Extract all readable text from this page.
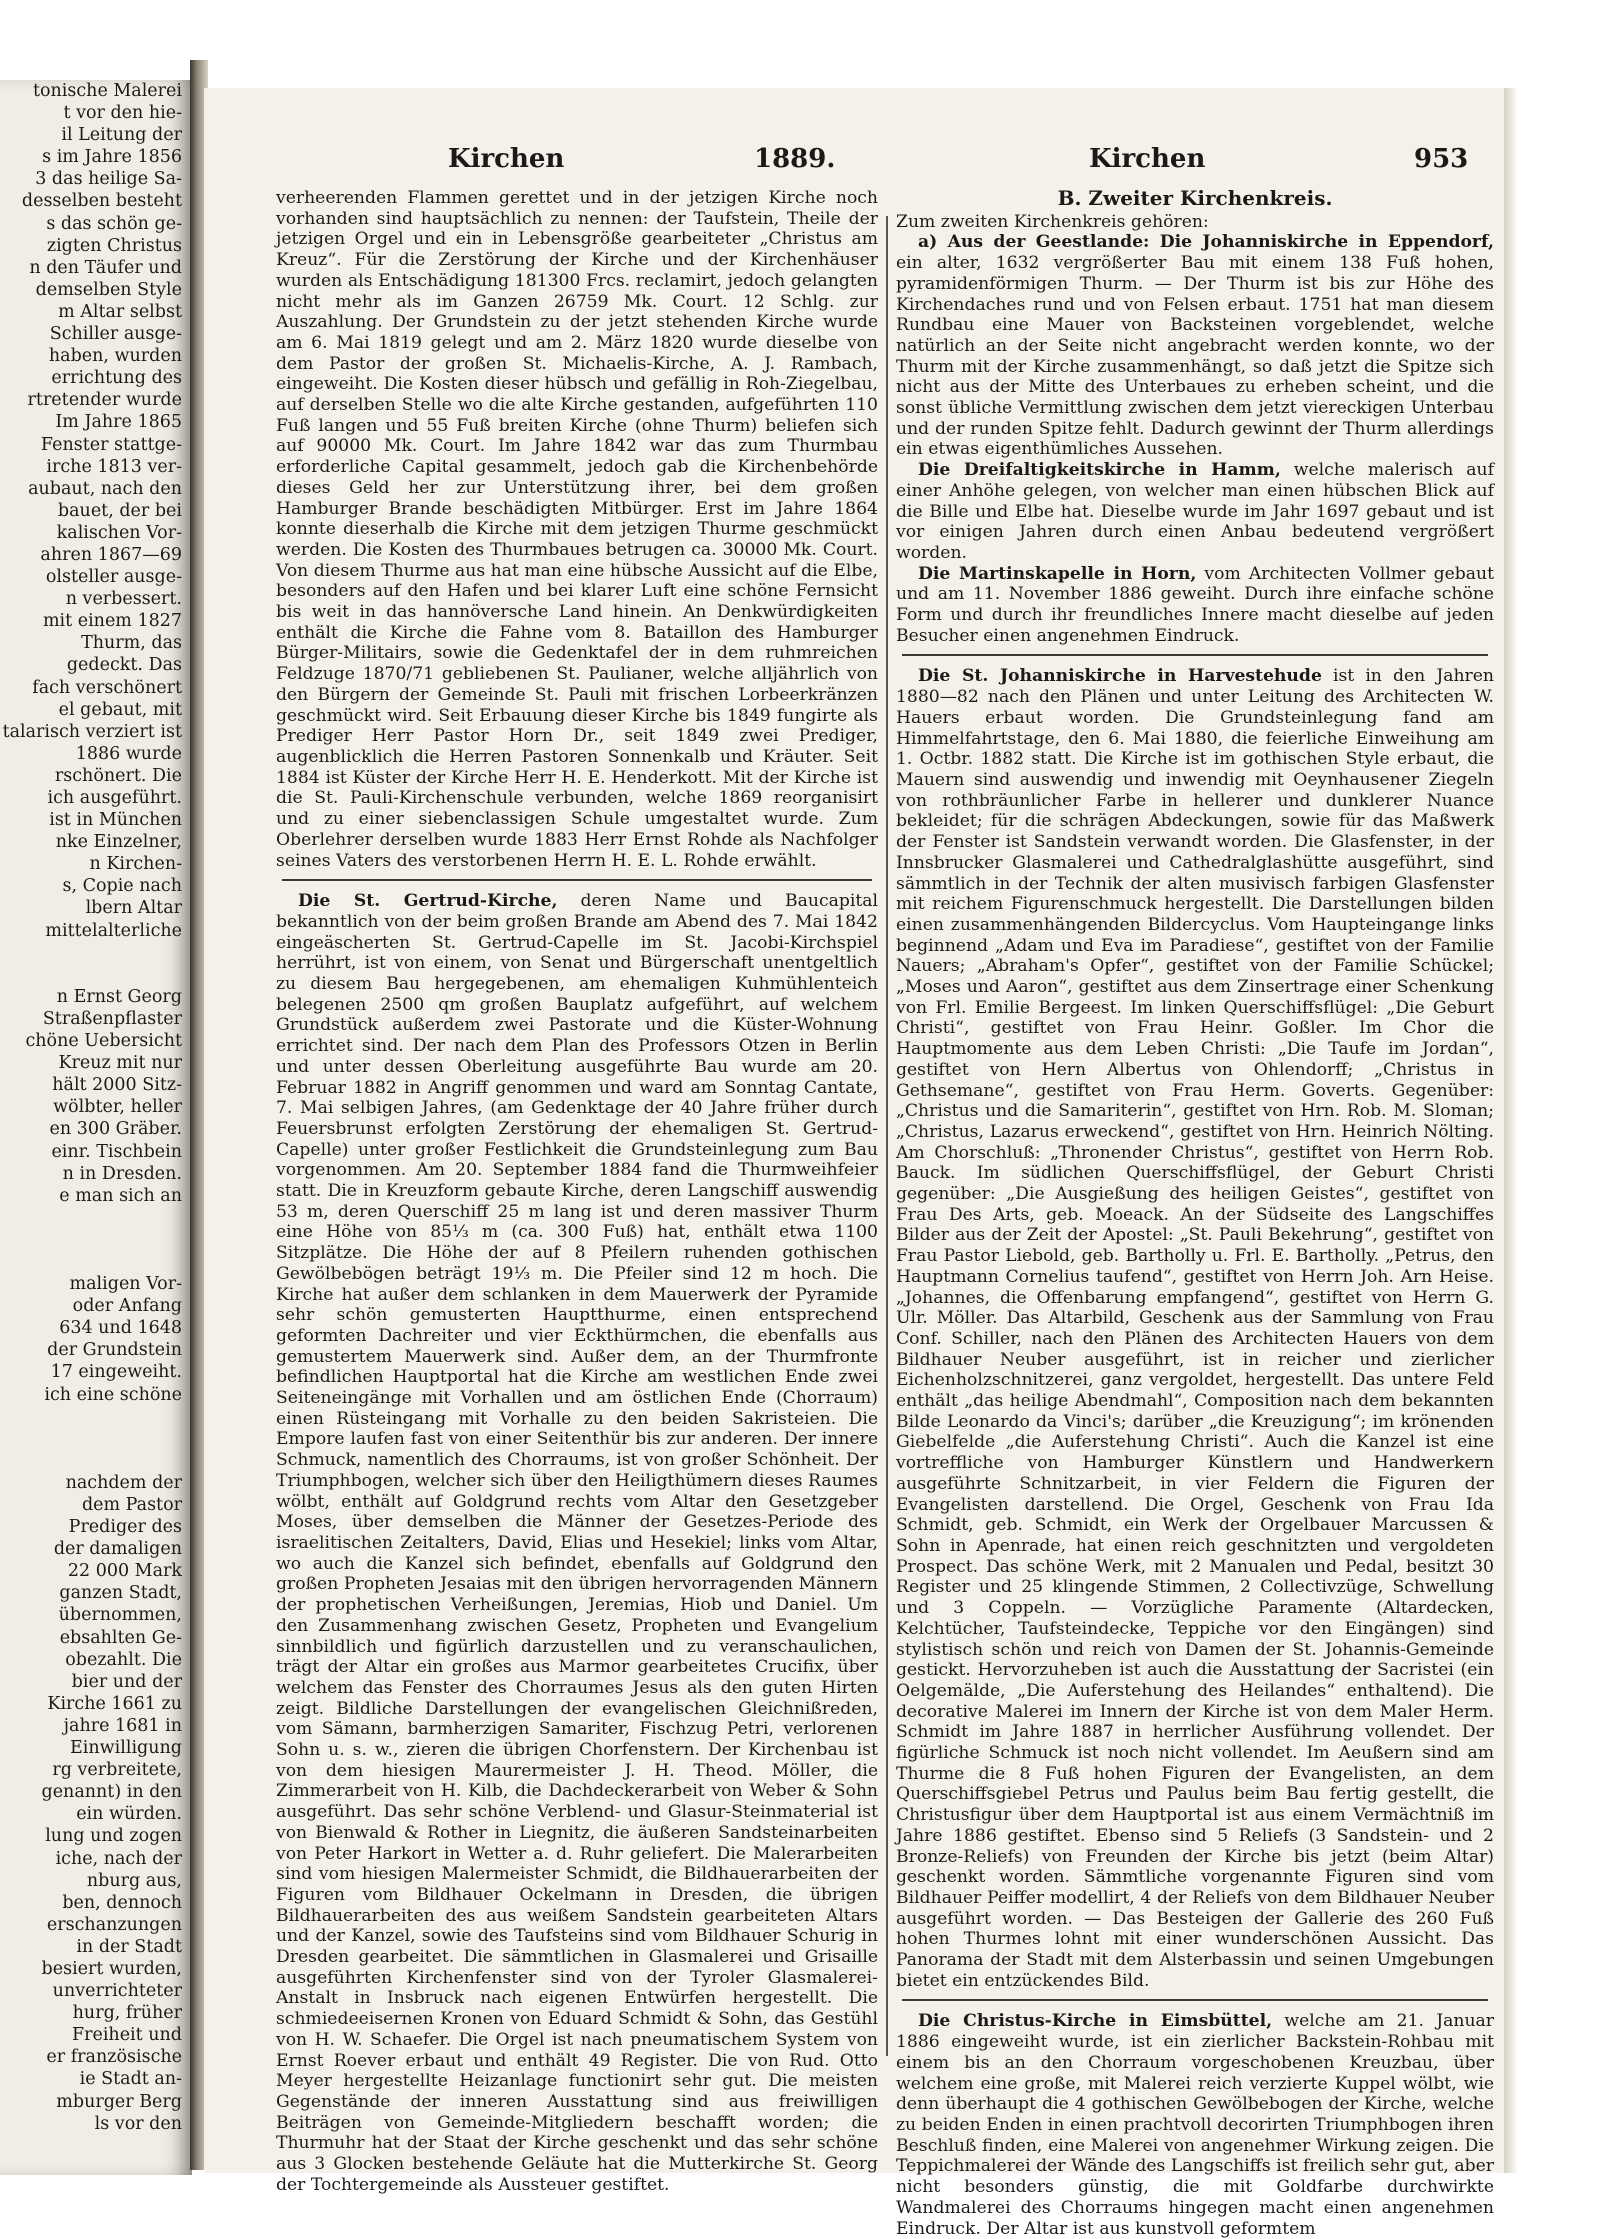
tonische Malerei
t vor den hie-
il Leitung der
s im Jahre 1856
3 das heilige Sa-
desselben besteht
s das schön ge-
zigten Christus
n den Täufer und
demselben Style
m Altar selbst
Schiller ausge-
haben, wurden
errichtung des
rtretender wurde
Im Jahre 1865
Fenster stattge-
irche 1813 ver-
aubaut, nach den
bauet, der bei
kalischen Vor-
ahren 1867—69
olsteller ausge-
n verbessert.
mit einem 1827
Thurm, das
gedeckt. Das
fach verschönert
el gebaut, mit
talarisch verziert ist
1886 wurde
rschönert. Die
ich ausgeführt.
ist in München
nke Einzelner,
n Kirchen-
s, Copie nach
lbern Altar
mittelalterliche
n Ernst Georg
Straßenpflaster
chöne Uebersicht
Kreuz mit nur
hält 2000 Sitz-
wölbter, heller
en 300 Gräber.
einr. Tischbein
n in Dresden.
e man sich an
maligen Vor-
oder Anfang
634 und 1648
der Grundstein
17 eingeweiht.
ich eine schöne
nachdem der
dem Pastor
Prediger des
der damaligen
22 000 Mark
ganzen Stadt,
übernommen,
ebsahlten Ge-
obezahlt. Die
bier und der
Kirche 1661 zu
jahre 1681 in
Einwilligung
rg verbreitete,
genannt) in den
ein würden.
lung und zogen
iche, nach der
nburg aus,
ben, dennoch
erschanzungen
in der Stadt
besiert wurden,
unverrichteter
hurg, früher
Freiheit und
er französische
ie Stadt an-
mburger Berg
ls vor den
Kirchen	1889.	Kirchen	953

verheerenden Flammen gerettet und in der jetzigen Kirche noch vorhanden sind hauptsächlich zu nennen: der Taufstein, Theile der jetzigen Orgel und ein in Lebensgröße gearbeiteter „Christus am Kreuz“. Für die Zerstörung der Kirche und der Kirchenhäuser wurden als Entschädigung 181300 Frcs. reclamirt, jedoch gelangten nicht mehr als im Ganzen 26759 Mk. Court. 12 Schlg. zur Auszahlung. Der Grundstein zu der jetzt stehenden Kirche wurde am 6. Mai 1819 gelegt und am 2. März 1820 wurde dieselbe von dem Pastor der großen St. Michaelis-Kirche, A. J. Rambach, eingeweiht. Die Kosten dieser hübsch und gefällig in Roh-Ziegelbau, auf derselben Stelle wo die alte Kirche gestanden, aufgeführten 110 Fuß langen und 55 Fuß breiten Kirche (ohne Thurm) beliefen sich auf 90000 Mk. Court. Im Jahre 1842 war das zum Thurmbau erforderliche Capital gesammelt, jedoch gab die Kirchenbehörde dieses Geld her zur Unterstützung ihrer, bei dem großen Hamburger Brande beschädigten Mitbürger. Erst im Jahre 1864 konnte dieserhalb die Kirche mit dem jetzigen Thurme geschmückt werden. Die Kosten des Thurmbaues betrugen ca. 30000 Mk. Court. Von diesem Thurme aus hat man eine hübsche Aussicht auf die Elbe, besonders auf den Hafen und bei klarer Luft eine schöne Fernsicht bis weit in das hannöversche Land hinein. An Denkwürdigkeiten enthält die Kirche die Fahne vom 8. Bataillon des Hamburger Bürger-Militairs, sowie die Gedenktafel der in dem ruhmreichen Feldzuge 1870/71 gebliebenen St. Paulianer, welche alljährlich von den Bürgern der Gemeinde St. Pauli mit frischen Lorbeerkränzen geschmückt wird. Seit Erbauung dieser Kirche bis 1849 fungirte als Prediger Herr Pastor Horn Dr., seit 1849 zwei Prediger, augenblicklich die Herren Pastoren Sonnenkalb und Kräuter. Seit 1884 ist Küster der Kirche Herr H. E. Henderkott. Mit der Kirche ist die St. Pauli-Kirchenschule verbunden, welche 1869 reorganisirt und zu einer siebenclassigen Schule umgestaltet wurde. Zum Oberlehrer derselben wurde 1883 Herr Ernst Rohde als Nachfolger seines Vaters des verstorbenen Herrn H. E. L. Rohde erwählt.

Die St. Gertrud-Kirche, deren Name und Baucapital bekanntlich von der beim großen Brande am Abend des 7. Mai 1842 eingeäscherten St. Gertrud-Capelle im St. Jacobi-Kirchspiel herrührt, ist von einem, von Senat und Bürgerschaft unentgeltlich zu diesem Bau hergegebenen, am ehemaligen Kuhmühlenteich belegenen 2500 qm großen Bauplatz aufgeführt, auf welchem Grundstück außerdem zwei Pastorate und die Küster-Wohnung errichtet sind. Der nach dem Plan des Professors Otzen in Berlin und unter dessen Oberleitung ausgeführte Bau wurde am 20. Februar 1882 in Angriff genommen und ward am Sonntag Cantate, 7. Mai selbigen Jahres, (am Gedenktage der 40 Jahre früher durch Feuersbrunst erfolgten Zerstörung der ehemaligen St. Gertrud-Capelle) unter großer Festlichkeit die Grundsteinlegung zum Bau vorgenommen. Am 20. September 1884 fand die Thurmweihfeier statt. Die in Kreuzform gebaute Kirche, deren Langschiff auswendig 53 m, deren Querschiff 25 m lang ist und deren massiver Thurm eine Höhe von 85⅓ m (ca. 300 Fuß) hat, enthält etwa 1100 Sitzplätze. Die Höhe der auf 8 Pfeilern ruhenden gothischen Gewölbebögen beträgt 19⅓ m. Die Pfeiler sind 12 m hoch. Die Kirche hat außer dem schlanken in dem Mauerwerk der Pyramide sehr schön gemusterten Hauptthurme, einen entsprechend geformten Dachreiter und vier Eckthürmchen, die ebenfalls aus gemustertem Mauerwerk sind. Außer dem, an der Thurmfronte befindlichen Hauptportal hat die Kirche am westlichen Ende zwei Seiteneingänge mit Vorhallen und am östlichen Ende (Chorraum) einen Rüsteingang mit Vorhalle zu den beiden Sakristeien. Die Empore laufen fast von einer Seitenthür bis zur anderen. Der innere Schmuck, namentlich des Chorraums, ist von großer Schönheit. Der Triumphbogen, welcher sich über den Heiligthümern dieses Raumes wölbt, enthält auf Goldgrund rechts vom Altar den Gesetzgeber Moses, über demselben die Männer der Gesetzes-Periode des israelitischen Zeitalters, David, Elias und Hesekiel; links vom Altar, wo auch die Kanzel sich befindet, ebenfalls auf Goldgrund den großen Propheten Jesaias mit den übrigen hervorragenden Männern der prophetischen Verheißungen, Jeremias, Hiob und Daniel. Um den Zusammenhang zwischen Gesetz, Propheten und Evangelium sinnbildlich und figürlich darzustellen und zu veranschaulichen, trägt der Altar ein großes aus Marmor gearbeitetes Crucifix, über welchem das Fenster des Chorraumes Jesus als den guten Hirten zeigt. Bildliche Darstellungen der evangelischen Gleichnißreden, vom Sämann, barmherzigen Samariter, Fischzug Petri, verlorenen Sohn u. s. w., zieren die übrigen Chorfenstern. Der Kirchenbau ist von dem hiesigen Maurermeister J. H. Theod. Möller, die Zimmerarbeit von H. Kilb, die Dachdeckerarbeit von Weber & Sohn ausgeführt. Das sehr schöne Verblend- und Glasur-Steinmaterial ist von Bienwald & Rother in Liegnitz, die äußeren Sandsteinarbeiten von Peter Harkort in Wetter a. d. Ruhr geliefert. Die Malerarbeiten sind vom hiesigen Malermeister Schmidt, die Bildhauerarbeiten der Figuren vom Bildhauer Ockelmann in Dresden, die übrigen Bildhauerarbeiten des aus weißem Sandstein gearbeiteten Altars und der Kanzel, sowie des Taufsteins sind vom Bildhauer Schurig in Dresden gearbeitet. Die sämmtlichen in Glasmalerei und Grisaille ausgeführten Kirchenfenster sind von der Tyroler Glasmalerei-Anstalt in Insbruck nach eigenen Entwürfen hergestellt. Die schmiedeeisernen Kronen von Eduard Schmidt & Sohn, das Gestühl von H. W. Schaefer. Die Orgel ist nach pneumatischem System von Ernst Roever erbaut und enthält 49 Register. Die von Rud. Otto Meyer hergestellte Heizanlage functionirt sehr gut. Die meisten Gegenstände der inneren Ausstattung sind aus freiwilligen Beiträgen von Gemeinde-Mitgliedern beschafft worden; die Thurmuhr hat der Staat der Kirche geschenkt und das sehr schöne aus 3 Glocken bestehende Geläute hat die Mutterkirche St. Georg der Tochtergemeinde als Aussteuer gestiftet.

B. Zweiter Kirchenkreis.

Zum zweiten Kirchenkreis gehören:

a) Aus der Geestlande: Die Johanniskirche in Eppendorf, ein alter, 1632 vergrößerter Bau mit einem 138 Fuß hohen, pyramidenförmigen Thurm. — Der Thurm ist bis zur Höhe des Kirchendaches rund und von Felsen erbaut. 1751 hat man diesem Rundbau eine Mauer von Backsteinen vorgeblendet, welche natürlich an der Seite nicht angebracht werden konnte, wo der Thurm mit der Kirche zusammenhängt, so daß jetzt die Spitze sich nicht aus der Mitte des Unterbaues zu erheben scheint, und die sonst übliche Vermittlung zwischen dem jetzt viereckigen Unterbau und der runden Spitze fehlt. Dadurch gewinnt der Thurm allerdings ein etwas eigenthümliches Aussehen.

Die Dreifaltigkeitskirche in Hamm, welche malerisch auf einer Anhöhe gelegen, von welcher man einen hübschen Blick auf die Bille und Elbe hat. Dieselbe wurde im Jahr 1697 gebaut und ist vor einigen Jahren durch einen Anbau bedeutend vergrößert worden.

Die Martinskapelle in Horn, vom Architecten Vollmer gebaut und am 11. November 1886 geweiht. Durch ihre einfache schöne Form und durch ihr freundliches Innere macht dieselbe auf jeden Besucher einen angenehmen Eindruck.

Die St. Johanniskirche in Harvestehude ist in den Jahren 1880—82 nach den Plänen und unter Leitung des Architecten W. Hauers erbaut worden. Die Grundsteinlegung fand am Himmelfahrtstage, den 6. Mai 1880, die feierliche Einweihung am 1. Octbr. 1882 statt. Die Kirche ist im gothischen Style erbaut, die Mauern sind auswendig und inwendig mit Oeynhausener Ziegeln von rothbräunlicher Farbe in hellerer und dunklerer Nuance bekleidet; für die schrägen Abdeckungen, sowie für das Maßwerk der Fenster ist Sandstein verwandt worden. Die Glasfenster, in der Innsbrucker Glasmalerei und Cathedralglashütte ausgeführt, sind sämmtlich in der Technik der alten musivisch farbigen Glasfenster mit reichem Figurenschmuck hergestellt. Die Darstellungen bilden einen zusammenhängenden Bildercyclus. Vom Haupteingange links beginnend „Adam und Eva im Paradiese“, gestiftet von der Familie Nauers; „Abraham's Opfer“, gestiftet von der Familie Schückel; „Moses und Aaron“, gestiftet aus dem Zinsertrage einer Schenkung von Frl. Emilie Bergeest. Im linken Querschiffsflügel: „Die Geburt Christi“, gestiftet von Frau Heinr. Goßler. Im Chor die Hauptmomente aus dem Leben Christi: „Die Taufe im Jordan“, gestiftet von Hern Albertus von Ohlendorff; „Christus in Gethsemane“, gestiftet von Frau Herm. Goverts. Gegenüber: „Christus und die Samariterin“, gestiftet von Hrn. Rob. M. Sloman; „Christus, Lazarus erweckend“, gestiftet von Hrn. Heinrich Nölting. Am Chorschluß: „Thronender Christus“, gestiftet von Herrn Rob. Bauck. Im südlichen Querschiffsflügel, der Geburt Christi gegenüber: „Die Ausgießung des heiligen Geistes“, gestiftet von Frau Des Arts, geb. Moeack. An der Südseite des Langschiffes Bilder aus der Zeit der Apostel: „St. Pauli Bekehrung“, gestiftet von Frau Pastor Liebold, geb. Bartholly u. Frl. E. Bartholly. „Petrus, den Hauptmann Cornelius taufend“, gestiftet von Herrn Joh. Arn Heise. „Johannes, die Offenbarung empfangend“, gestiftet von Herrn G. Ulr. Möller. Das Altarbild, Geschenk aus der Sammlung von Frau Conf. Schiller, nach den Plänen des Architecten Hauers von dem Bildhauer Neuber ausgeführt, ist in reicher und zierlicher Eichenholzschnitzerei, ganz vergoldet, hergestellt. Das untere Feld enthält „das heilige Abendmahl“, Composition nach dem bekannten Bilde Leonardo da Vinci's; darüber „die Kreuzigung“; im krönenden Giebelfelde „die Auferstehung Christi“. Auch die Kanzel ist eine vortreffliche von Hamburger Künstlern und Handwerkern ausgeführte Schnitzarbeit, in vier Feldern die Figuren der Evangelisten darstellend. Die Orgel, Geschenk von Frau Ida Schmidt, geb. Schmidt, ein Werk der Orgelbauer Marcussen & Sohn in Apenrade, hat einen reich geschnitzten und vergoldeten Prospect. Das schöne Werk, mit 2 Manualen und Pedal, besitzt 30 Register und 25 klingende Stimmen, 2 Collectivzüge, Schwellung und 3 Coppeln. — Vorzügliche Paramente (Altardecken, Kelchtücher, Taufsteindecke, Teppiche vor den Eingängen) sind stylistisch schön und reich von Damen der St. Johannis-Gemeinde gestickt. Hervorzuheben ist auch die Ausstattung der Sacristei (ein Oelgemälde, „Die Auferstehung des Heilandes“ enthaltend). Die decorative Malerei im Innern der Kirche ist von dem Maler Herm. Schmidt im Jahre 1887 in herrlicher Ausführung vollendet. Der figürliche Schmuck ist noch nicht vollendet. Im Aeußern sind am Thurme die 8 Fuß hohen Figuren der Evangelisten, an dem Querschiffsgiebel Petrus und Paulus beim Bau fertig gestellt, die Christusfigur über dem Hauptportal ist aus einem Vermächtniß im Jahre 1886 gestiftet. Ebenso sind 5 Reliefs (3 Sandstein- und 2 Bronze-Reliefs) von Freunden der Kirche bis jetzt (beim Altar) geschenkt worden. Sämmtliche vorgenannte Figuren sind vom Bildhauer Peiffer modellirt, 4 der Reliefs von dem Bildhauer Neuber ausgeführt worden. — Das Besteigen der Gallerie des 260 Fuß hohen Thurmes lohnt mit einer wunderschönen Aussicht. Das Panorama der Stadt mit dem Alsterbassin und seinen Umgebungen bietet ein entzückendes Bild.

Die Christus-Kirche in Eimsbüttel, welche am 21. Januar 1886 eingeweiht wurde, ist ein zierlicher Backstein-Rohbau mit einem bis an den Chorraum vorgeschobenen Kreuzbau, über welchem eine große, mit Malerei reich verzierte Kuppel wölbt, wie denn überhaupt die 4 gothischen Gewölbebogen der Kirche, welche zu beiden Enden in einen prachtvoll decorirten Triumphbogen ihren Beschluß finden, eine Malerei von angenehmer Wirkung zeigen. Die Teppichmalerei der Wände des Langschiffs ist freilich sehr gut, aber nicht besonders günstig, die mit Goldfarbe durchwirkte Wandmalerei des Chorraums hingegen macht einen angenehmen Eindruck. Der Altar ist aus kunstvoll geformtem
